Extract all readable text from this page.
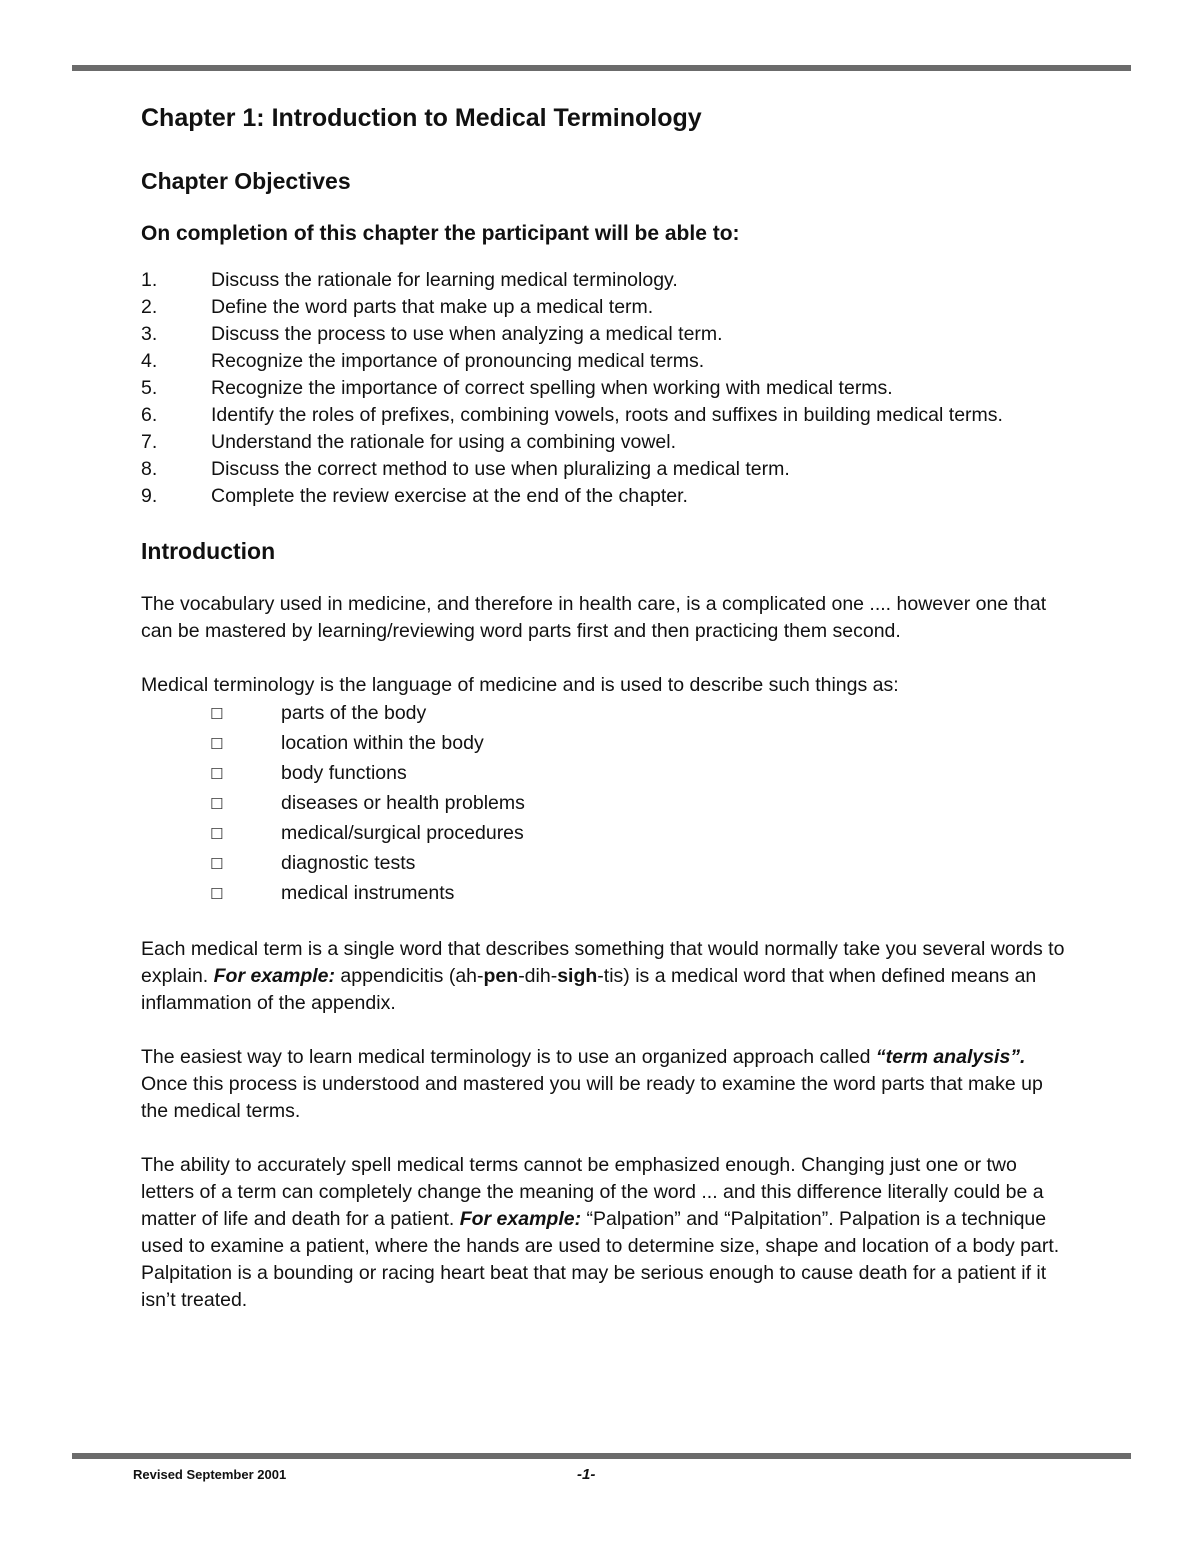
Chapter 1: Introduction to Medical Terminology
Chapter Objectives
On completion of this chapter the participant will be able to:
1.	Discuss the rationale for learning medical terminology.
2.	Define the word parts that make up a medical term.
3.	Discuss the process to use when analyzing a medical term.
4.	Recognize the importance of pronouncing medical terms.
5.	Recognize the importance of correct spelling when working with medical terms.
6.	Identify the roles of prefixes, combining vowels, roots and suffixes in building medical terms.
7.	Understand the rationale for using a combining vowel.
8.	Discuss the correct method to use when pluralizing a medical term.
9.	Complete the review exercise at the end of the chapter.
Introduction

The vocabulary used in medicine, and therefore in health care, is a complicated one .... however one that can be mastered by learning/reviewing word parts first and then practicing them second.

Medical terminology is the language of medicine and is used to describe such things as:

☐	parts of the body
☐	location within the body
☐	body functions
☐	diseases or health problems
☐	medical/surgical procedures
☐	diagnostic tests
☐	medical instruments

Each medical term is a single word that describes something that would normally take you several words to explain. For example: appendicitis (ah-pen-dih-sigh-tis) is a medical word that when defined means an inflammation of the appendix.

The easiest way to learn medical terminology is to use an organized approach called “term analysis”. Once this process is understood and mastered you will be ready to examine the word parts that make up the medical terms.

The ability to accurately spell medical terms cannot be emphasized enough. Changing just one or two letters of a term can completely change the meaning of the word ... and this difference literally could be a matter of life and death for a patient. For example: “Palpation” and “Palpitation”. Palpation is a technique used to examine a patient, where the hands are used to determine size, shape and location of a body part. Palpitation is a bounding or racing heart beat that may be serious enough to cause death for a patient if it isn’t treated.

Revised September 2001	-1-
